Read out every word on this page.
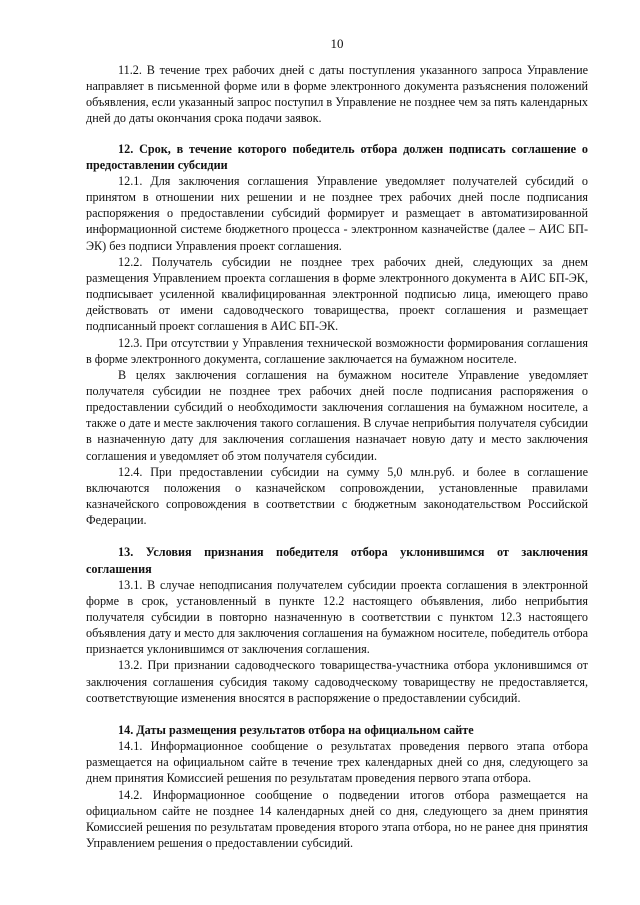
10

11.2. В течение трех рабочих дней с даты поступления указанного запроса Управление направляет в письменной форме или в форме электронного документа разъяснения положений объявления, если указанный запрос поступил в Управление не позднее чем за пять календарных дней до даты окончания срока подачи заявок.

12. Срок, в течение которого победитель отбора должен подписать соглашение о предоставлении субсидии

12.1. Для заключения соглашения Управление уведомляет получателей субсидий о принятом в отношении них решении и не позднее трех рабочих дней после подписания распоряжения о предоставлении субсидий формирует и размещает в автоматизированной информационной системе бюджетного процесса - электронном казначействе (далее – АИС БП-ЭК) без подписи Управления проект соглашения.

12.2. Получатель субсидии не позднее трех рабочих дней, следующих за днем размещения Управлением проекта соглашения в форме электронного документа в АИС БП-ЭК, подписывает усиленной квалифицированная электронной подписью лица, имеющего право действовать от имени садоводческого товарищества, проект соглашения и размещает подписанный проект соглашения в АИС БП-ЭК.

12.3. При отсутствии у Управления технической возможности формирования соглашения в форме электронного документа, соглашение заключается на бумажном носителе.

В целях заключения соглашения на бумажном носителе Управление уведомляет получателя субсидии не позднее трех рабочих дней после подписания распоряжения о предоставлении субсидий о необходимости заключения соглашения на бумажном носителе, а также о дате и месте заключения такого соглашения. В случае неприбытия получателя субсидии в назначенную дату для заключения соглашения назначает новую дату и место заключения соглашения и уведомляет об этом получателя субсидии.

12.4. При предоставлении субсидии на сумму 5,0 млн.руб. и более в соглашение включаются положения о казначейском сопровождении, установленные правилами казначейского сопровождения в соответствии с бюджетным законодательством Российской Федерации.

13. Условия признания победителя отбора уклонившимся от заключения соглашения

13.1. В случае неподписания получателем субсидии проекта соглашения в электронной форме в срок, установленный в пункте 12.2 настоящего объявления, либо неприбытия получателя субсидии в повторно назначенную в соответствии с пунктом 12.3 настоящего объявления дату и место для заключения соглашения на бумажном носителе, победитель отбора признается уклонившимся от заключения соглашения.

13.2. При признании садоводческого товарищества-участника отбора уклонившимся от заключения соглашения субсидия такому садоводческому товариществу не предоставляется, соответствующие изменения вносятся в распоряжение о предоставлении субсидий.

14. Даты размещения результатов отбора на официальном сайте

14.1. Информационное сообщение о результатах проведения первого этапа отбора размещается на официальном сайте в течение трех календарных дней со дня, следующего за днем принятия Комиссией решения по результатам проведения первого этапа отбора.

14.2. Информационное сообщение о подведении итогов отбора размещается на официальном сайте не позднее 14 календарных дней со дня, следующего за днем принятия Комиссией решения по результатам проведения второго этапа отбора, но не ранее дня принятия Управлением решения о предоставлении субсидий.
